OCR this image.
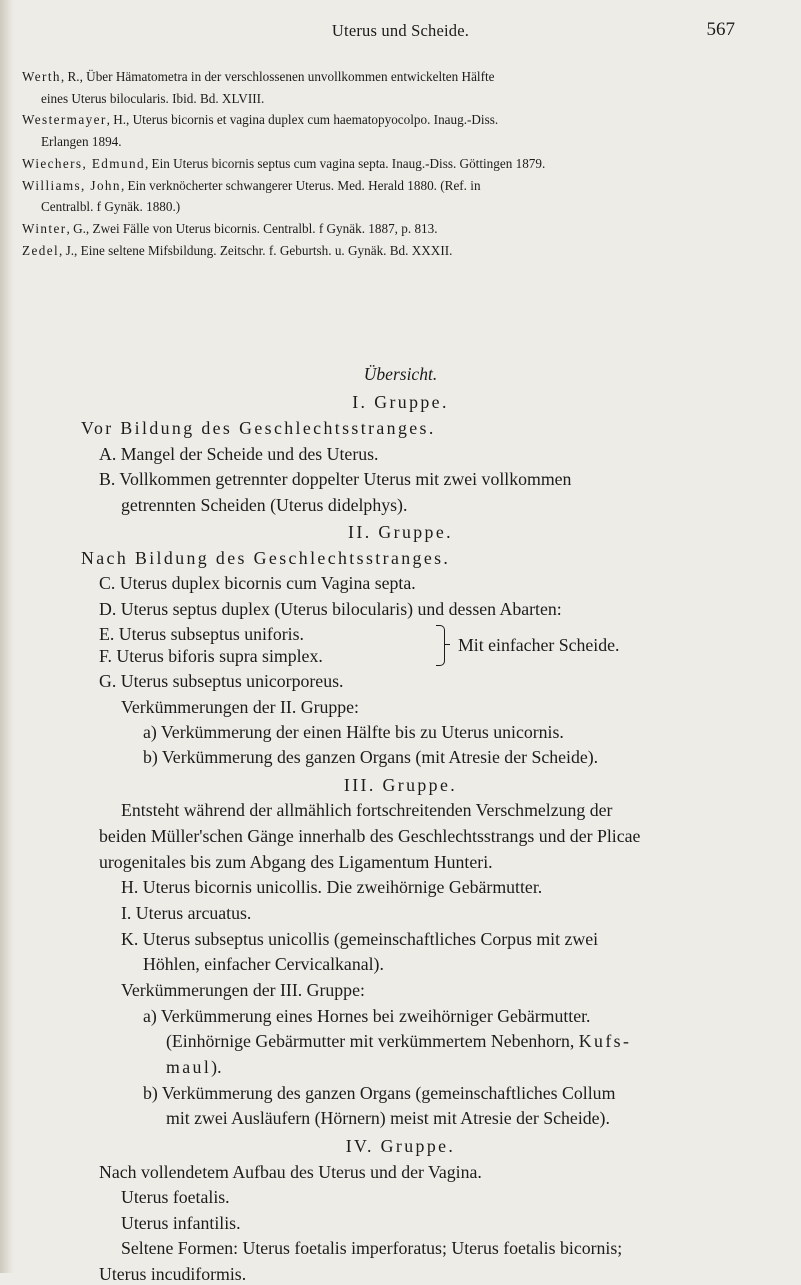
Uterus und Scheide.	567
Werth, R., Über Hämatometra in der verschlossenen unvollkommen entwickelten Hälfte
eines Uterus bilocularis. Ibid. Bd. XLVIII.
Westermayer, H., Uterus bicornis et vagina duplex cum haematopyocolpo. Inaug.-Diss.
Erlangen 1894.
Wiechers, Edmund, Ein Uterus bicornis septus cum vagina septa. Inaug.-Diss. Göttingen 1879.
Williams, John, Ein verknöcherter schwangerer Uterus. Med. Herald 1880. (Ref. in
Centralbl. f Gynäk. 1880.)
Winter, G., Zwei Fälle von Uterus bicornis. Centralbl. f Gynäk. 1887, p. 813.
Zedel, J., Eine seltene Mifsbildung. Zeitschr. f. Geburtsh. u. Gynäk. Bd. XXXII.
Übersicht.
I. Gruppe.
Vor Bildung des Geschlechtsstranges.
A. Mangel der Scheide und des Uterus.
B. Vollkommen getrennter doppelter Uterus mit zwei vollkommen
getrennten Scheiden (Uterus didelphys).
II. Gruppe.
Nach Bildung des Geschlechtsstranges.
C. Uterus duplex bicornis cum Vagina septa.
D. Uterus septus duplex (Uterus bilocularis) und dessen Abarten:
E. Uterus subseptus uniforis.
F. Uterus biforis supra simplex.
Mit einfacher Scheide.
G. Uterus subseptus unicorporeus.
Verkümmerungen der II. Gruppe:
a) Verkümmerung der einen Hälfte bis zu Uterus unicornis.
b) Verkümmerung des ganzen Organs (mit Atresie der Scheide).
III. Gruppe.
Entsteht während der allmählich fortschreitenden Verschmelzung der
beiden Müller'schen Gänge innerhalb des Geschlechtsstrangs und der Plicae
urogenitales bis zum Abgang des Ligamentum Hunteri.
H. Uterus bicornis unicollis. Die zweihörnige Gebärmutter.
I. Uterus arcuatus.
K. Uterus subseptus unicollis (gemeinschaftliches Corpus mit zwei
Höhlen, einfacher Cervicalkanal).
Verkümmerungen der III. Gruppe:
a) Verkümmerung eines Hornes bei zweihörniger Gebärmutter.
(Einhörnige Gebärmutter mit verkümmertem Nebenhorn, Kufs-
maul).
b) Verkümmerung des ganzen Organs (gemeinschaftliches Collum
mit zwei Ausläufern (Hörnern) meist mit Atresie der Scheide).
IV. Gruppe.
Nach vollendetem Aufbau des Uterus und der Vagina.
Uterus foetalis.
Uterus infantilis.
Seltene Formen: Uterus foetalis imperforatus; Uterus foetalis bicornis;
Uterus incudiformis.
